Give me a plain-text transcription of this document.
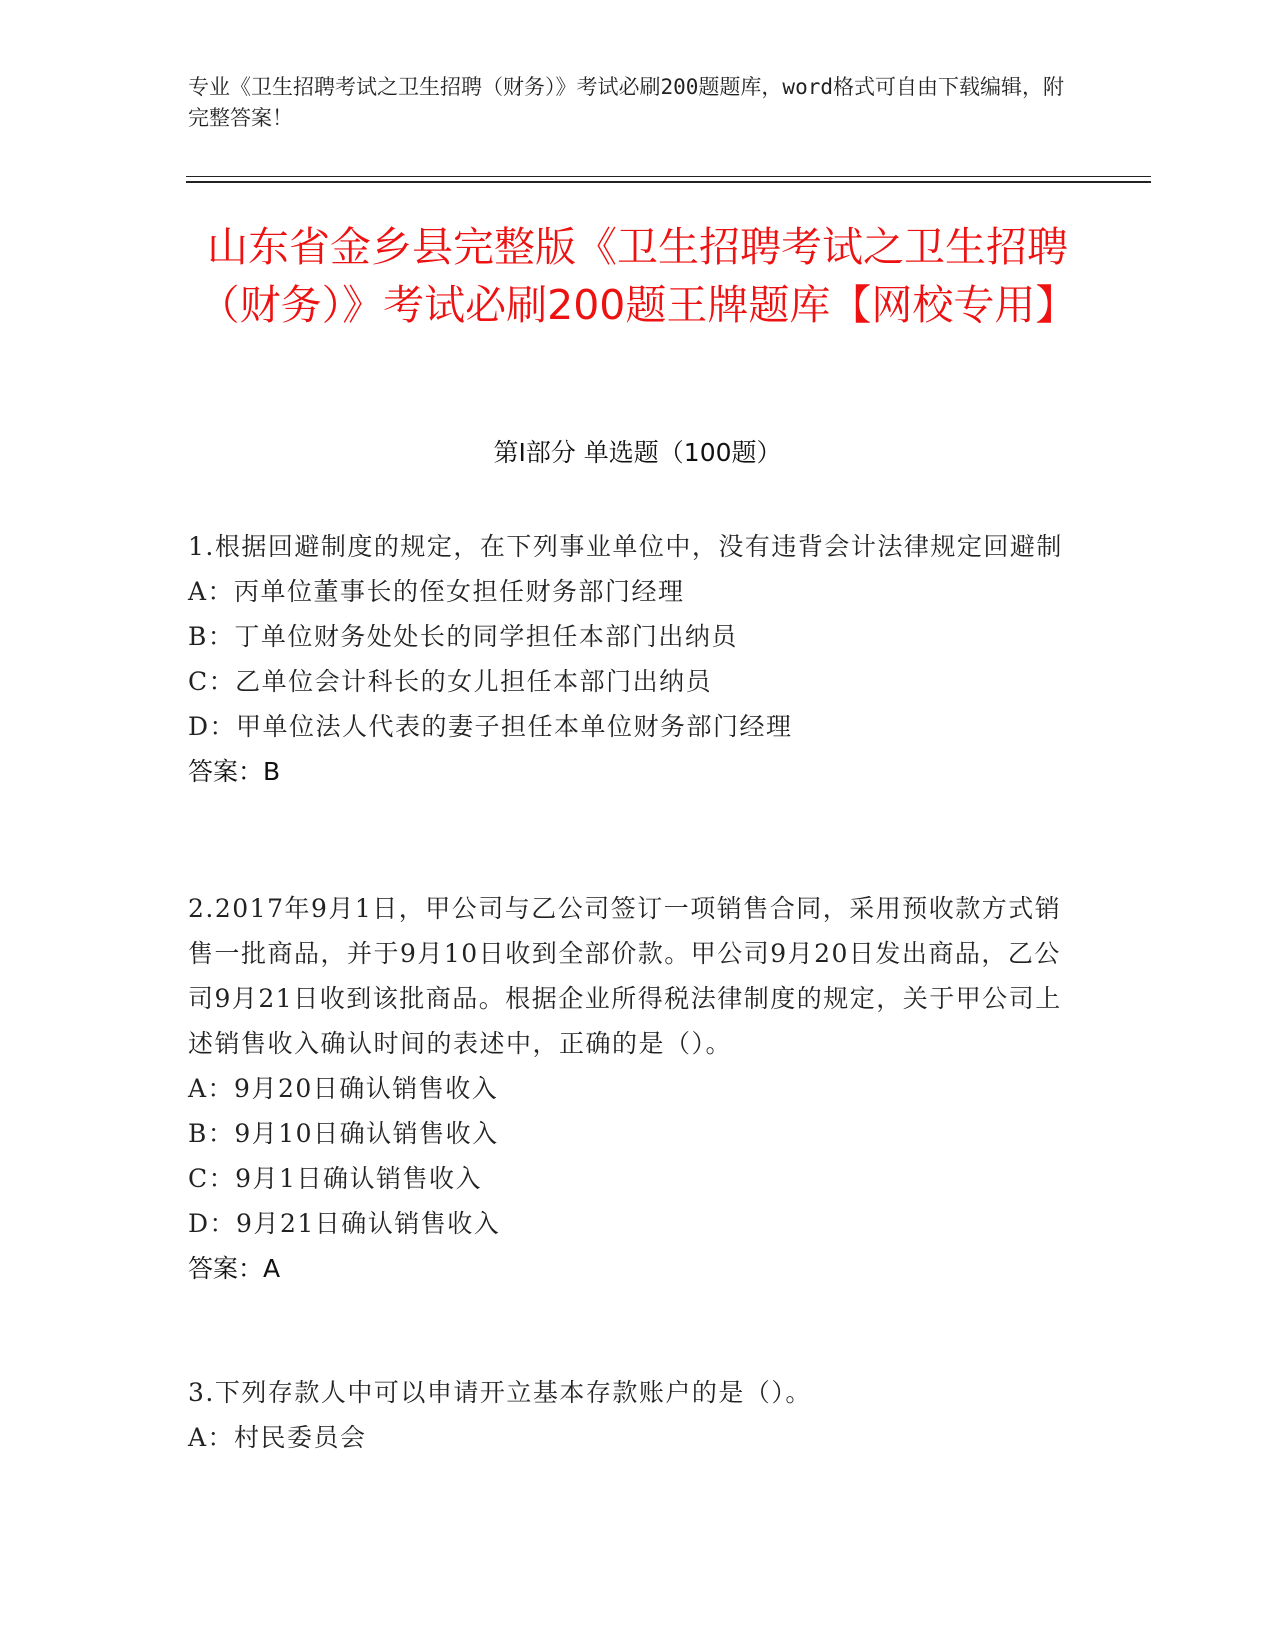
专业《卫生招聘考试之卫生招聘（财务）》考试必刷200题题库，word格式可自由下载编辑，附完整答案！
山东省金乡县完整版《卫生招聘考试之卫生招聘（财务）》考试必刷200题王牌题库【网校专用】
第I部分 单选题（100题）
1.根据回避制度的规定，在下列事业单位中，没有违背会计法律规定回避制
A：丙单位董事长的侄女担任财务部门经理
B：丁单位财务处处长的同学担任本部门出纳员
C：乙单位会计科长的女儿担任本部门出纳员
D：甲单位法人代表的妻子担任本单位财务部门经理
答案：B
2.2017年9月1日，甲公司与乙公司签订一项销售合同，采用预收款方式销售一批商品，并于9月10日收到全部价款。甲公司9月20日发出商品，乙公司9月21日收到该批商品。根据企业所得税法律制度的规定，关于甲公司上述销售收入确认时间的表述中，正确的是（）。
A：9月20日确认销售收入
B：9月10日确认销售收入
C：9月1日确认销售收入
D：9月21日确认销售收入
答案：A
3.下列存款人中可以申请开立基本存款账户的是（）。
A：村民委员会
